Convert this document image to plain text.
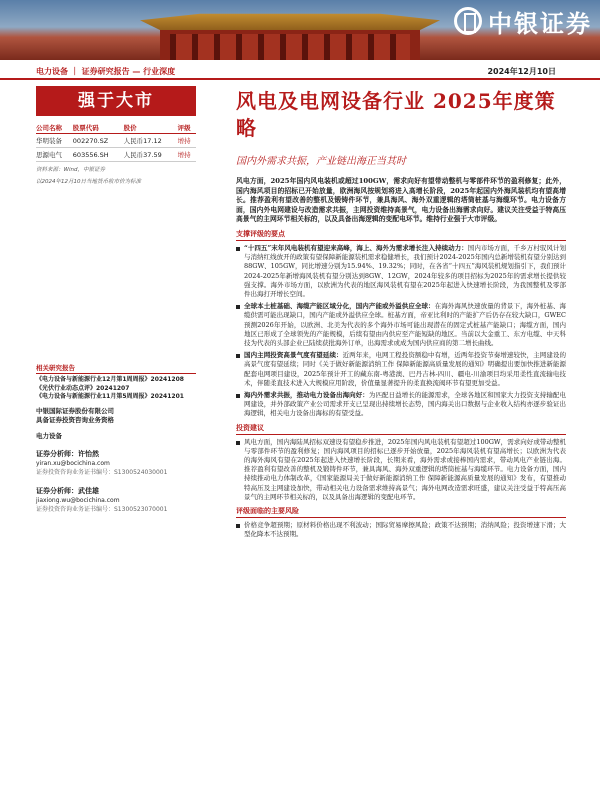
中银证券
电力设备 ｜ 证券研究报告 — 行业深度	2024年12月10日
强于大市
公司名称	股票代码	股价	评级
华明装备	002270.SZ	人民币17.12	增持
思源电气	603556.SH	人民币37.59	增持
资料来源：Wind，中银证券
以2024年12月10日当地货币收市价为标准
相关研究报告
《电力设备与新能源行业12月第1周周报》20241208
《光伏行业动态点评》20241207
《电力设备与新能源行业11月第5周周报》20241201
中银国际证券股份有限公司
具备证券投资咨询业务资格
电力设备
证券分析师：许怡然
yiran.xu@bocichina.com
证券投资咨询业务证书编号：S1300524030001
证券分析师：武佳雄
jiaxiong.wu@bocichina.com
证券投资咨询业务证书编号：S1300523070001
风电及电网设备行业 2025年度策略
国内外需求共振，产业链出海正当其时
风电方面，2025年国内风电装机或超过100GW，需求向好有望带动整机与零部件环节的盈利修复；此外，国内海风项目的招标已开始放量，欧洲海风按规划将进入高增长阶段，2025年起国内外海风装机均有望高增长。推荐盈利有望改善的整机及锻铸件环节，兼具海风、海外双重逻辑的塔筒桩基与海缆环节。电力设备方面，国内外电网建设与改造需求共振，主网投资维持高景气，电力设备出海需求向好。建议关注受益于特高压高景气的主网环节相关标的，以及具备出海逻辑的变配电环节。维持行业强于大市评级。
支撑评级的要点
“十四五”末年风电装机有望迎来高峰，海上、海外为需求增长注入持续动力：国内市场方面，千乡万村驭风计划与消纳红线放开的政策有望保障新能源装机需求稳健增长，我们预计2024-2025年国内总新增装机有望分别达到88GW、105GW，同比增速分别为15.94%、19.32%；同时，在各省“十四五”海风装机规划指引下，我们预计2024-2025年新增海风装机有望分别达到8GW、12GW，2024年较多的项目招标为2025年的需求增长提供较强支撑。海外市场方面，以欧洲为代表的地区海风装机有望在2025年起进入快速增长阶段，为我国整机及零部件出海打开增长空间。
全球本土桩基础、海缆产能区域分化，国内产能或外溢供应全球：在海外海风快速放量的背景下，海外桩基、海缆供需可能出现缺口，国内产能或外溢供应全球。桩基方面，帝亚比利时的产能扩产后仍存在较大缺口，GWEC预测2026年开始，以欧洲、北美为代表的多个海外市场可能出现潜在的固定式桩基产能缺口；海缆方面，国内地区已形成了全球领先的产能规模，后续有望由内供应至产能短缺的地区。当前以大金重工、东方电缆、中天科技为代表的头部企业已陆续获批海外订单，出海需求或成为国内供应商的第二增长曲线。
国内主网投资高景气度有望延续：近两年来，电网工程投资额稳中有增，近两年投资节奏增速较快，主网建设的高景气度有望延续；同时《关于做好新能源消纳工作 保障新能源高质量发展的通知》明确提出要加快推进新能源配套电网项目建设，2025年预计开工的藏东南-粤港澳、巴丹吉林-四川、疆电-川渝项目均采用柔性直流输电技术，伴随柔直技术进入大规模应用阶段，价值量显著提升的柔直换流阀环节有望更加受益。
海内外需求共振，推动电力设备出海向好：为匹配日益增长的能源需求，全球各地区和国家大力投资支持输配电网建设，并外部政策产业公司需求开支已呈现出持续增长态势，国内海关出口数据与企业收入结构亦逐步验证出海逻辑，相关电力设备出海标的有望受益。
投资建议
风电方面，国内海陆风招标双速设有望稳步推进，2025年国内风电装机有望超过100GW，需求向好或带动整机与零部件环节的盈利修复；国内海风项目的招标已逐步开始放量，2025年海风装机有望高增长；以欧洲为代表的海外海风有望在2025年起进入快速增长阶段，长期来看，海外需求或接棒国内需求，带动风电产业链出海。推荐盈利有望改善的整机及锻铸件环节，兼具海风、海外双重逻辑的塔筒桩基与海缆环节。电力设备方面，国内持续推动电力体制改革，《国家能源局关于做好新能源消纳工作 保障新能源高质量发展的通知》发布，有望推动特高压及主网建设加快，带动相关电力设备需求维持高景气；海外电网改造需求旺盛，建议关注受益于特高压高景气的主网环节相关标的，以及具备出海逻辑的变配电环节。
评级面临的主要风险
价格竞争超预期；原材料价格出现不利波动；国际贸易摩擦风险；政策不达预期；消纳风险；投资增速下滑；大型化降本不达预期。
